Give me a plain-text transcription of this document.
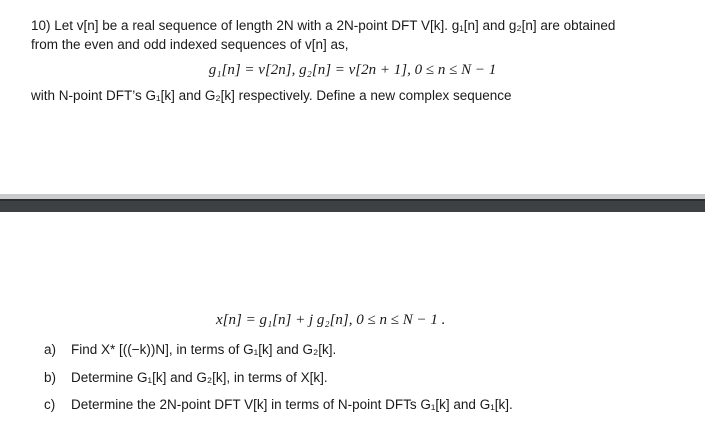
10) Let v[n] be a real sequence of length 2N with a 2N-point DFT V[k]. g₁[n] and g₂[n] are obtained
from the even and odd indexed sequences of v[n] as,
g₁[n] = v[2n], g₂[n] = v[2n + 1], 0 ≤ n ≤ N − 1
with N-point DFT’s G₁[k] and G₂[k] respectively. Define a new complex sequence
x[n] = g₁[n] + j g₂[n], 0 ≤ n ≤ N − 1 .
a) Find X* [((−k))N], in terms of G₁[k] and G₂[k].
b) Determine G₁[k] and G₂[k], in terms of X[k].
c) Determine the 2N-point DFT V[k] in terms of N-point DFTs G₁[k] and G₁[k].
